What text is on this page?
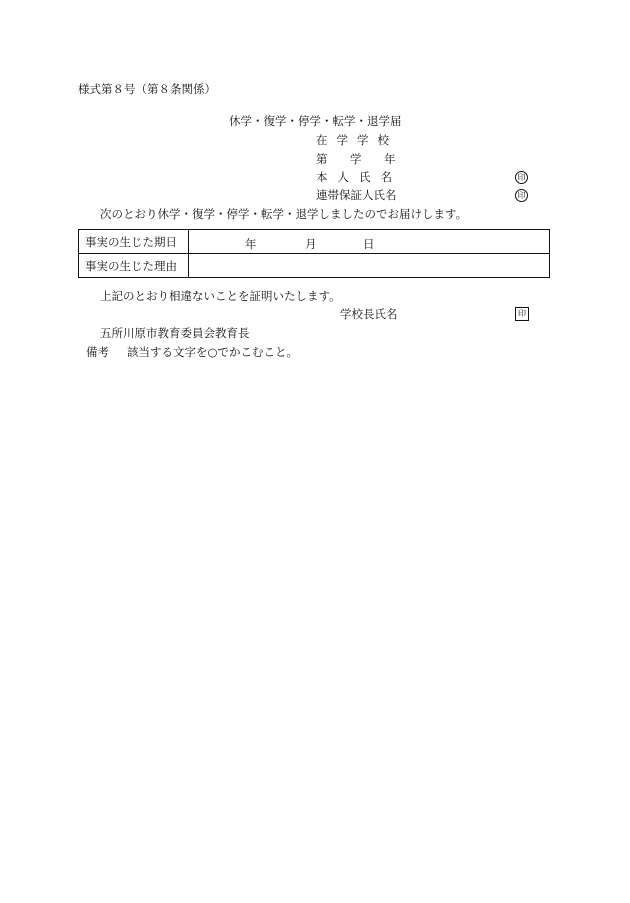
様式第８号（第８条関係）
休学・復学・停学・転学・退学届
在学学校
第 学 年
本人氏名
連帯保証人氏名
印
印
次のとおり休学・復学・停学・転学・退学しましたのでお届けします。
事実の生じた期日	年 月 日

事実の生じた理由	
上記のとおり相違ないことを証明いたします。
学校長氏名	印
五所川原市教育委員会教育長
備考 該当する文字を○でかこむこと。
